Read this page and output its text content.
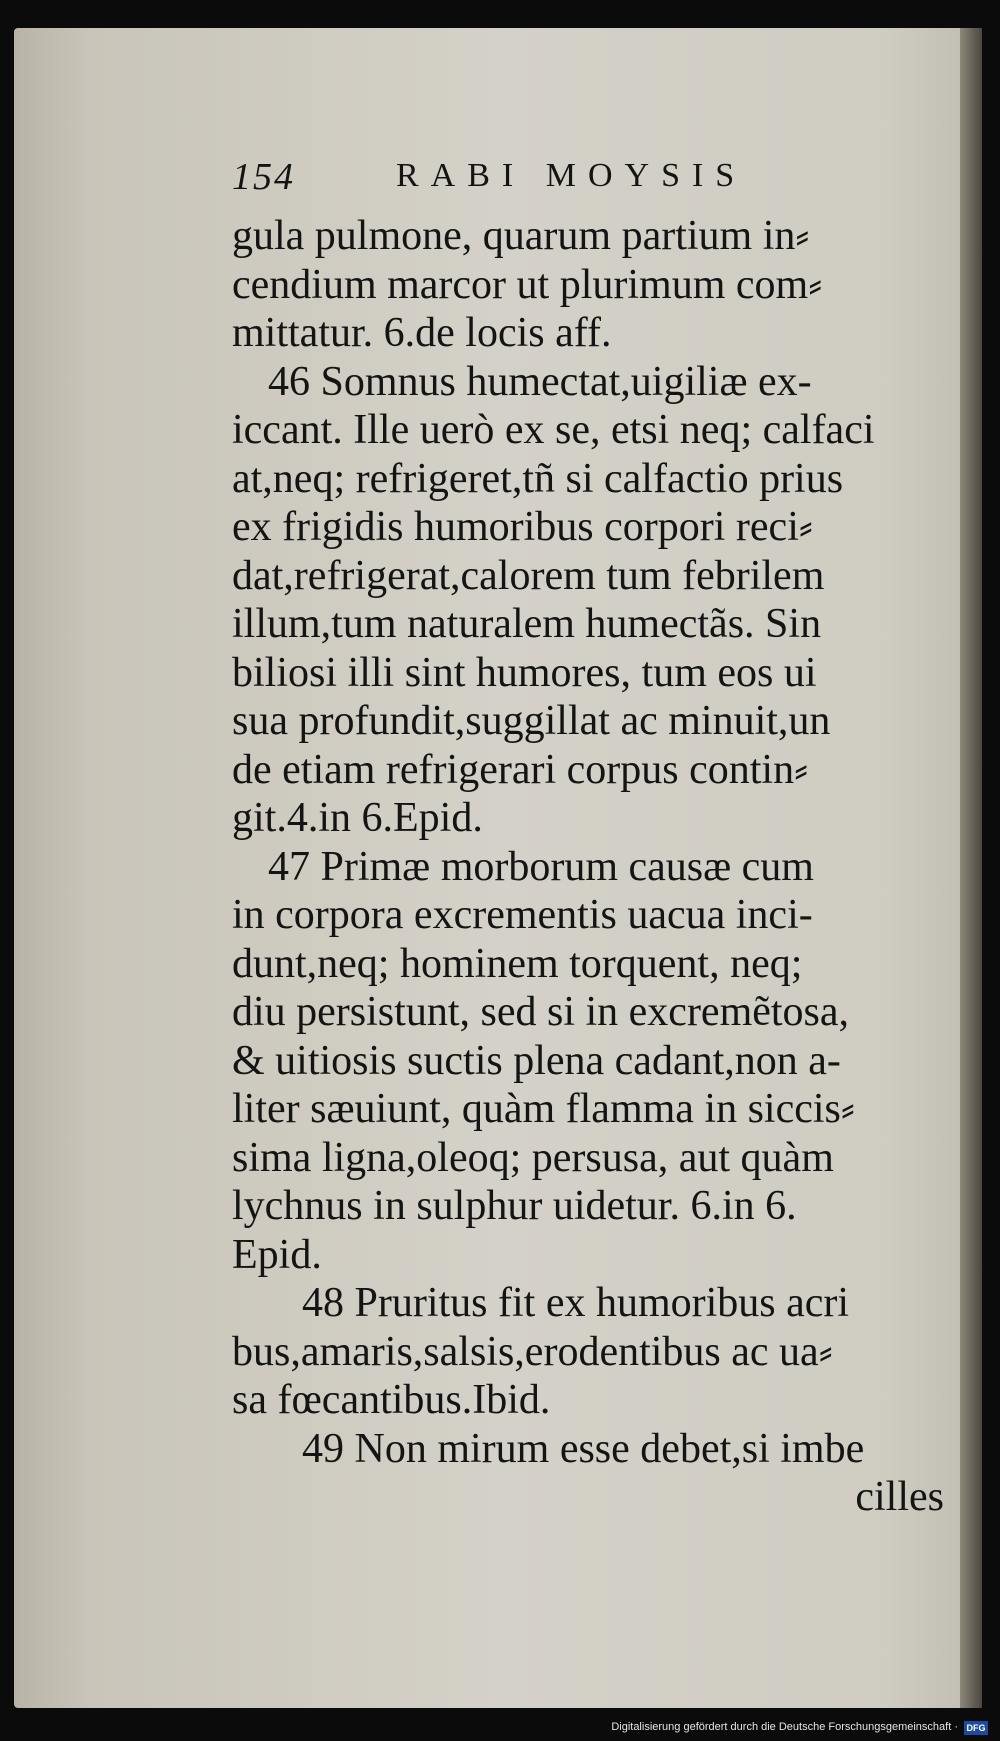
154	RABI MOYSIS
gula pulmone, quarum partium in⸗
cendium marcor ut plurimum com⸗
mittatur. 6.de locis aff.
46 Somnus humectat,uigiliæ ex-
iccant. Ille uerò ex se, etsi neq; calfaci
at,neq; refrigeret,tñ si calfactio prius
ex frigidis humoribus corpori reci⸗
dat,refrigerat,calorem tum febrilem
illum,tum naturalem humectãs. Sin
biliosi illi sint humores, tum eos ui
sua profundit,suggillat ac minuit,un
de etiam refrigerari corpus contin⸗
git.4.in 6.Epid.
47 Primæ morborum causæ cum
in corpora excrementis uacua inci-
dunt,neq; hominem torquent, neq;
diu persistunt, sed si in excremẽtosa,
& uitiosis suctis plena cadant,non a-
liter sæuiunt, quàm flamma in siccis⸗
sima ligna,oleoq; persusa, aut quàm
lychnus in sulphur uidetur. 6.in 6.
Epid.
48 Pruritus fit ex humoribus acri
bus,amaris,salsis,erodentibus ac ua⸗
sa fœcantibus.Ibid.
49 Non mirum esse debet,si imbe
cilles
Digitalisierung gefördert durch die Deutsche Forschungsgemeinschaft · DFG
